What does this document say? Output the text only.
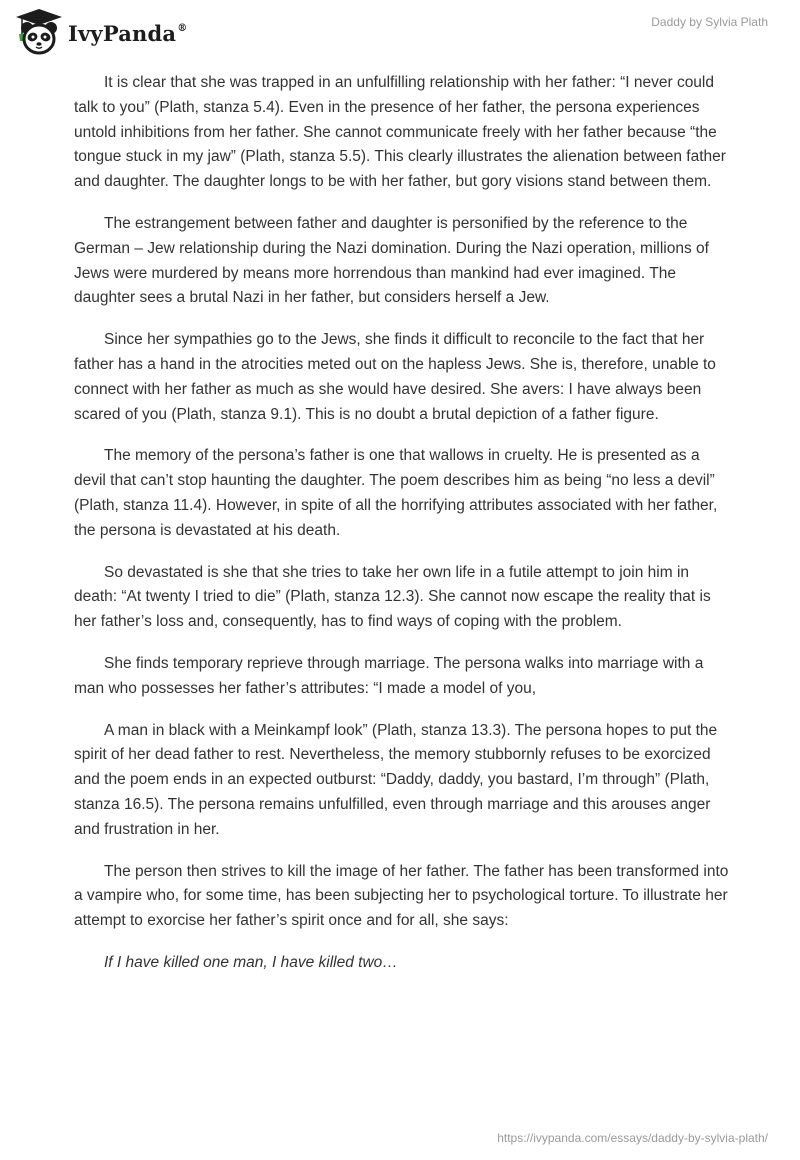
IvyPanda®	Daddy by Sylvia Plath

It is clear that she was trapped in an unfulfilling relationship with her father: “I never could talk to you” (Plath, stanza 5.4). Even in the presence of her father, the persona experiences untold inhibitions from her father. She cannot communicate freely with her father because “the tongue stuck in my jaw” (Plath, stanza 5.5). This clearly illustrates the alienation between father and daughter. The daughter longs to be with her father, but gory visions stand between them.

The estrangement between father and daughter is personified by the reference to the German – Jew relationship during the Nazi domination. During the Nazi operation, millions of Jews were murdered by means more horrendous than mankind had ever imagined. The daughter sees a brutal Nazi in her father, but considers herself a Jew.

Since her sympathies go to the Jews, she finds it difficult to reconcile to the fact that her father has a hand in the atrocities meted out on the hapless Jews. She is, therefore, unable to connect with her father as much as she would have desired. She avers: I have always been scared of you (Plath, stanza 9.1). This is no doubt a brutal depiction of a father figure.

The memory of the persona’s father is one that wallows in cruelty. He is presented as a devil that can’t stop haunting the daughter. The poem describes him as being “no less a devil” (Plath, stanza 11.4). However, in spite of all the horrifying attributes associated with her father, the persona is devastated at his death.

So devastated is she that she tries to take her own life in a futile attempt to join him in death: “At twenty I tried to die” (Plath, stanza 12.3). She cannot now escape the reality that is her father’s loss and, consequently, has to find ways of coping with the problem.

She finds temporary reprieve through marriage. The persona walks into marriage with a man who possesses her father’s attributes: “I made a model of you,

A man in black with a Meinkampf look” (Plath, stanza 13.3). The persona hopes to put the spirit of her dead father to rest. Nevertheless, the memory stubbornly refuses to be exorcized and the poem ends in an expected outburst: “Daddy, daddy, you bastard, I’m through” (Plath, stanza 16.5). The persona remains unfulfilled, even through marriage and this arouses anger and frustration in her.

The person then strives to kill the image of her father. The father has been transformed into a vampire who, for some time, has been subjecting her to psychological torture. To illustrate her attempt to exorcise her father’s spirit once and for all, she says:

If I have killed one man, I have killed two…

https://ivypanda.com/essays/daddy-by-sylvia-plath/
